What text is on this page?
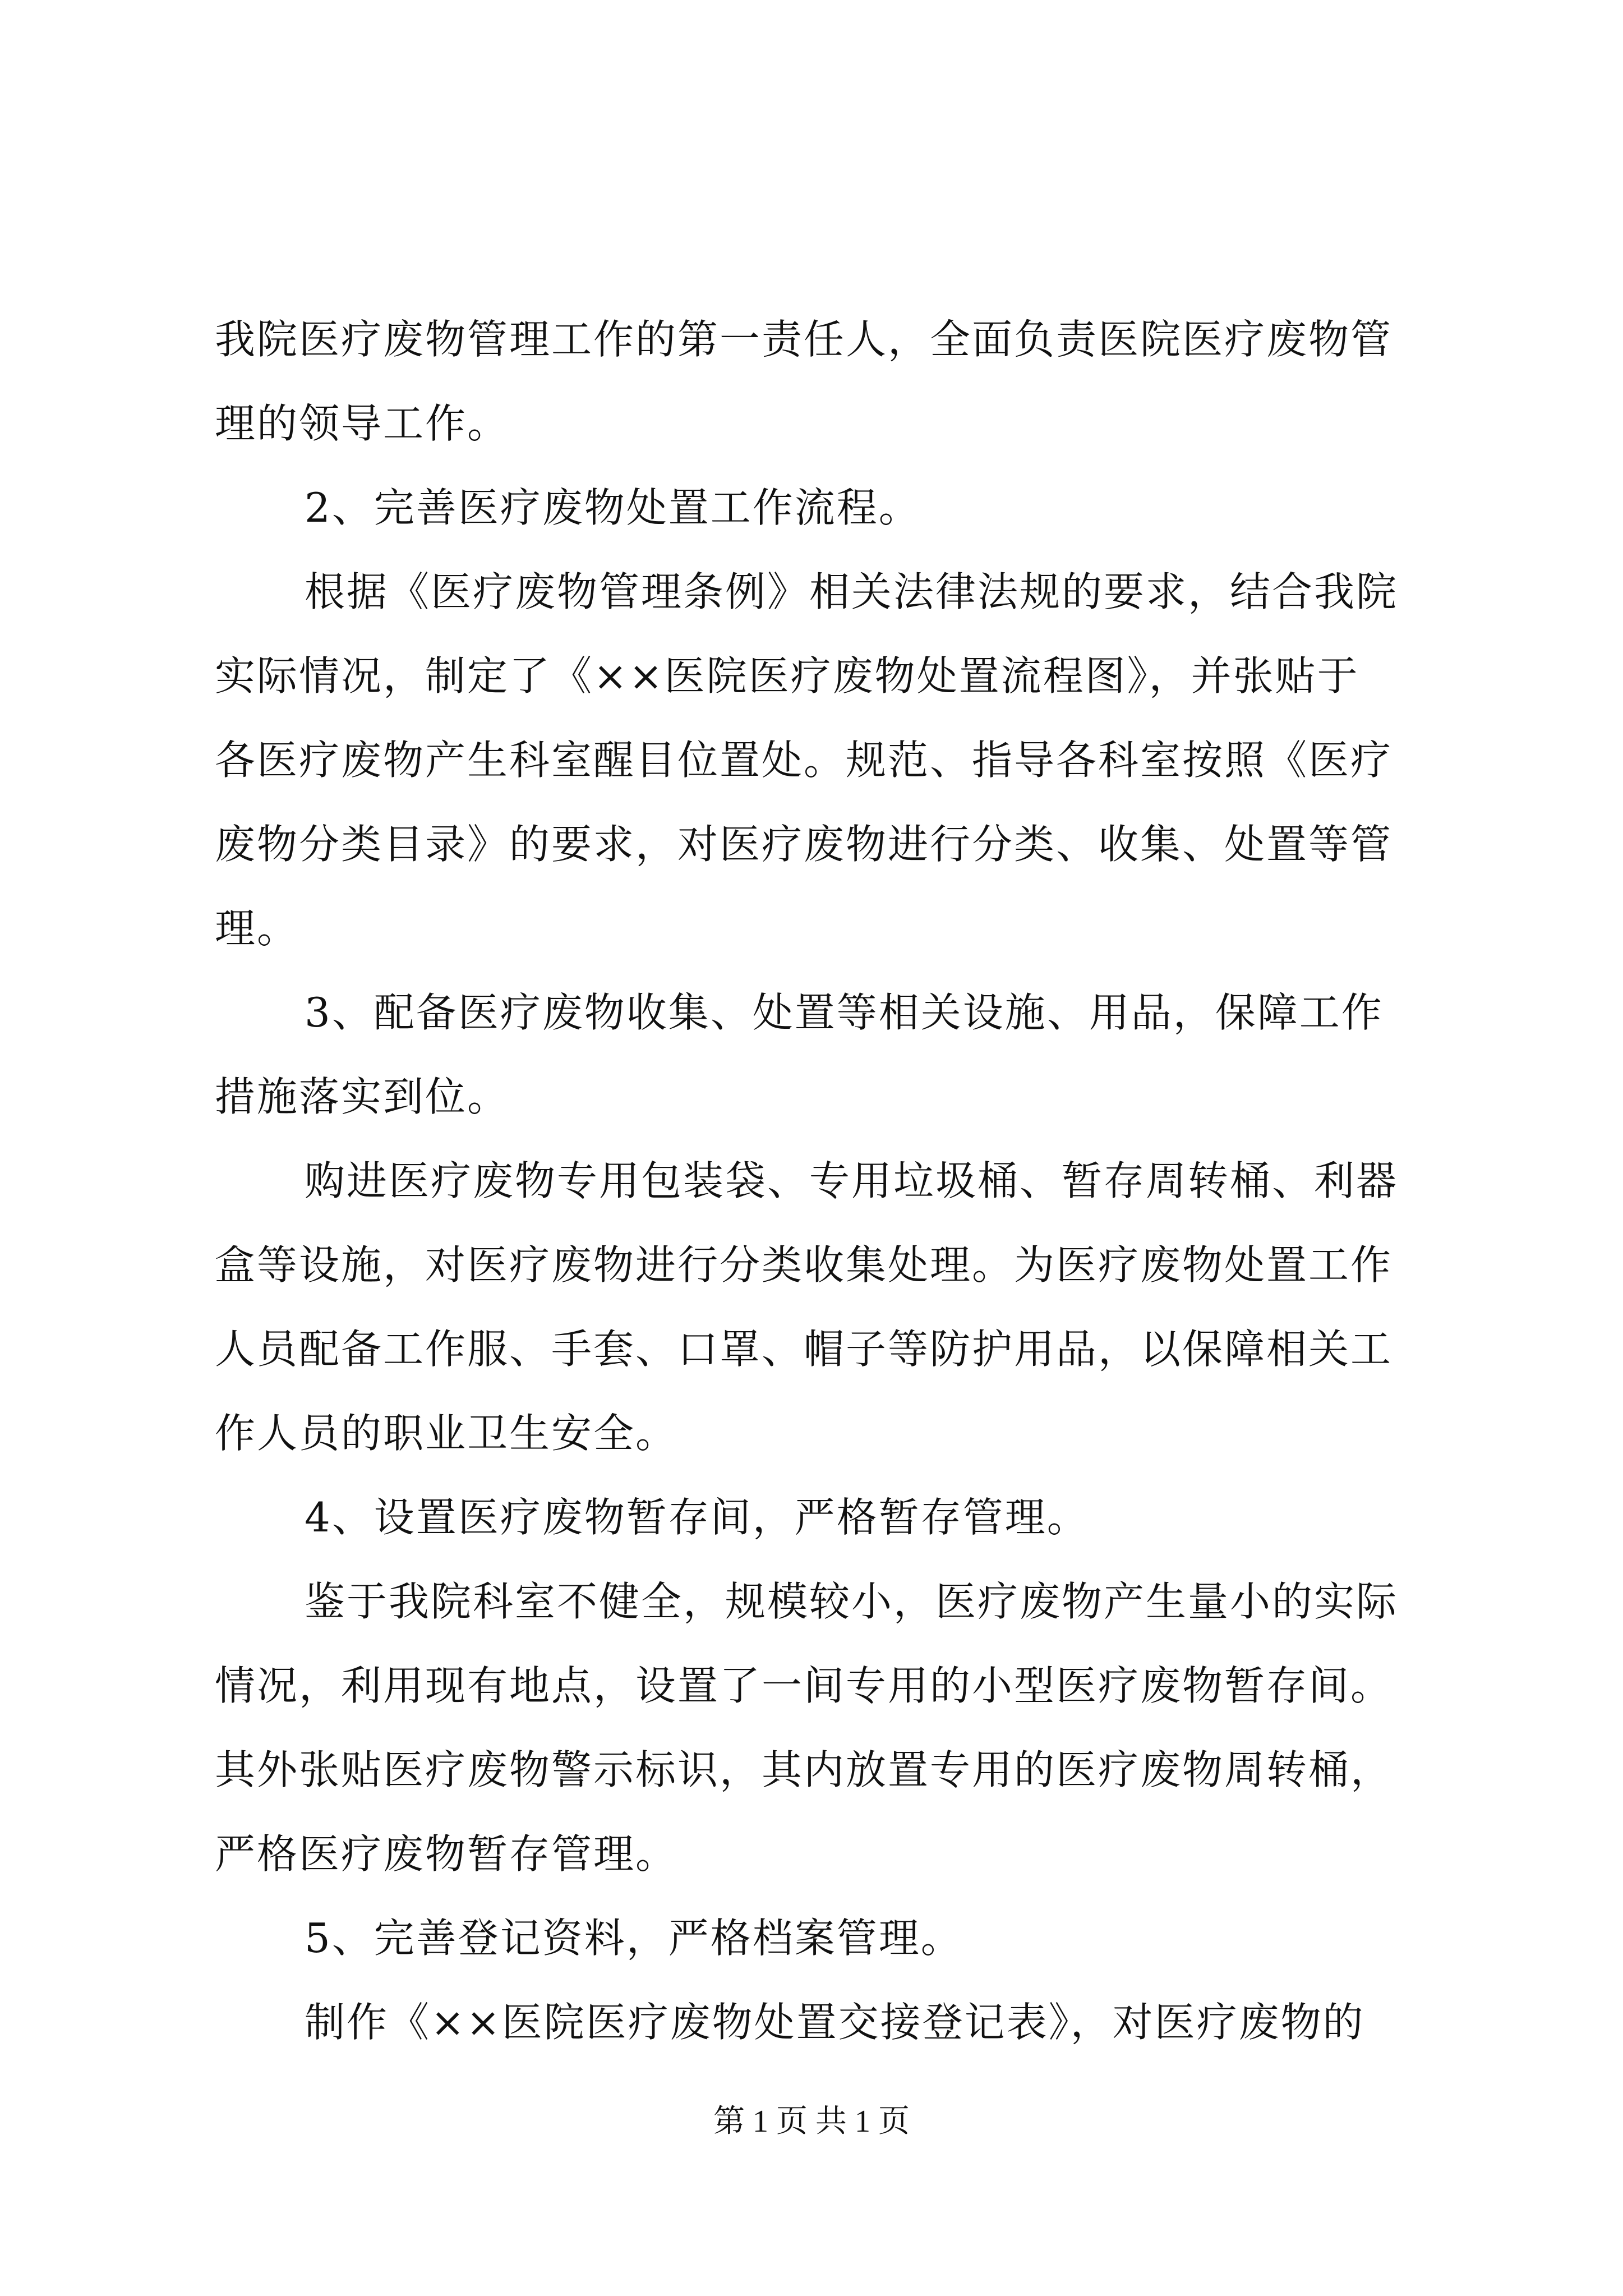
我院医疗废物管理工作的第一责任人，全面负责医院医疗废物管
理的领导工作。
2、完善医疗废物处置工作流程。
根据《医疗废物管理条例》相关法律法规的要求，结合我院
实际情况，制定了《××医院医疗废物处置流程图》，并张贴于
各医疗废物产生科室醒目位置处。规范、指导各科室按照《医疗
废物分类目录》的要求，对医疗废物进行分类、收集、处置等管
理。
3、配备医疗废物收集、处置等相关设施、用品，保障工作
措施落实到位。
购进医疗废物专用包装袋、专用垃圾桶、暂存周转桶、利器
盒等设施，对医疗废物进行分类收集处理。为医疗废物处置工作
人员配备工作服、手套、口罩、帽子等防护用品，以保障相关工
作人员的职业卫生安全。
4、设置医疗废物暂存间，严格暂存管理。
鉴于我院科室不健全，规模较小，医疗废物产生量小的实际
情况，利用现有地点，设置了一间专用的小型医疗废物暂存间。
其外张贴医疗废物警示标识，其内放置专用的医疗废物周转桶，
严格医疗废物暂存管理。
5、完善登记资料，严格档案管理。
制作《××医院医疗废物处置交接登记表》，对医疗废物的
第 1 页 共 1 页
